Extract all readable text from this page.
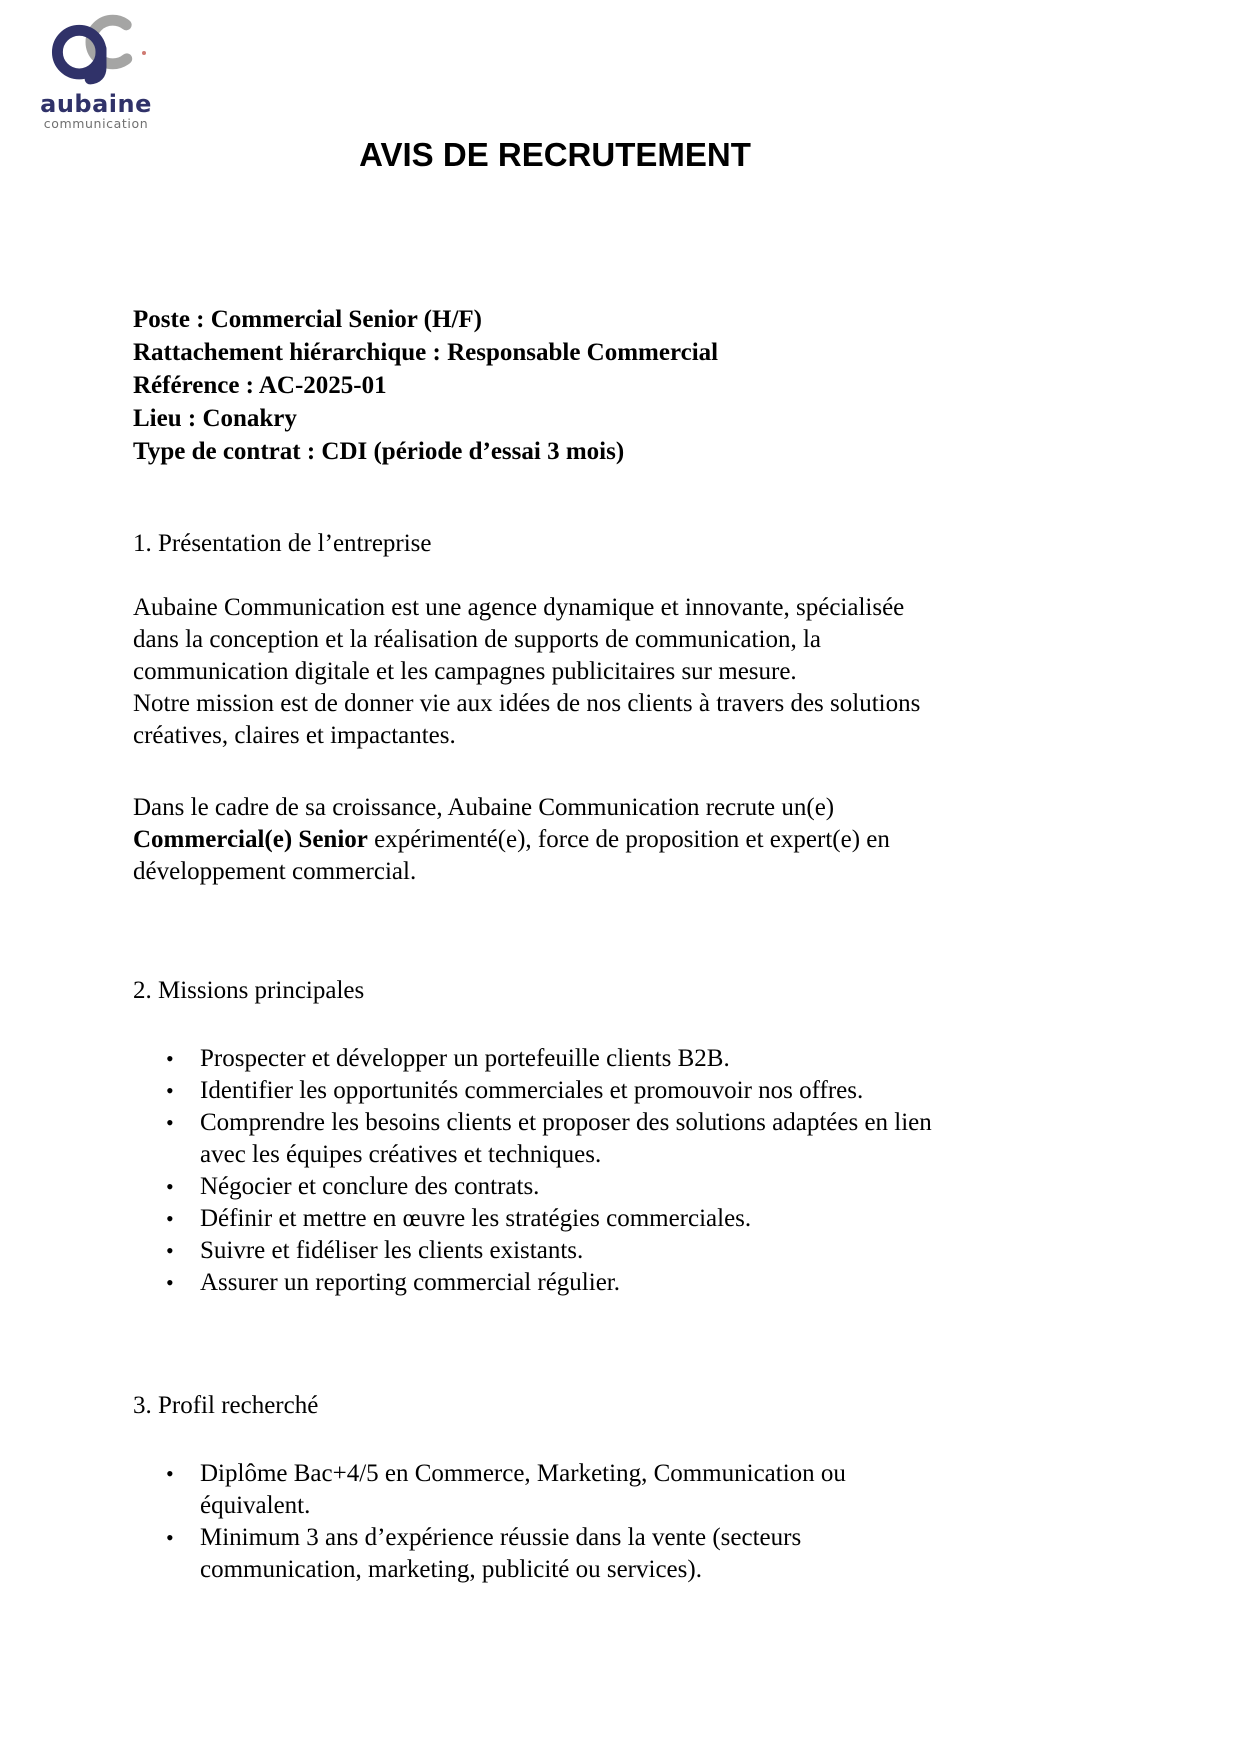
aubaine
communication
AVIS DE RECRUTEMENT
Poste : Commercial Senior (H/F)
Rattachement hiérarchique : Responsable Commercial
Référence : AC-2025-01
Lieu : Conakry
Type de contrat : CDI (période d’essai 3 mois)
1. Présentation de l’entreprise

Aubaine Communication est une agence dynamique et innovante, spécialisée
dans la conception et la réalisation de supports de communication, la
communication digitale et les campagnes publicitaires sur mesure.
Notre mission est de donner vie aux idées de nos clients à travers des solutions
créatives, claires et impactantes.

Dans le cadre de sa croissance, Aubaine Communication recrute un(e)
Commercial(e) Senior expérimenté(e), force de proposition et expert(e) en
développement commercial.

2. Missions principales
• Prospecter et développer un portefeuille clients B2B.
• Identifier les opportunités commerciales et promouvoir nos offres.
• Comprendre les besoins clients et proposer des solutions adaptées en lien
avec les équipes créatives et techniques.
• Négocier et conclure des contrats.
• Définir et mettre en œuvre les stratégies commerciales.
• Suivre et fidéliser les clients existants.
• Assurer un reporting commercial régulier.
3. Profil recherché
• Diplôme Bac+4/5 en Commerce, Marketing, Communication ou
équivalent.
• Minimum 3 ans d’expérience réussie dans la vente (secteurs
communication, marketing, publicité ou services).
